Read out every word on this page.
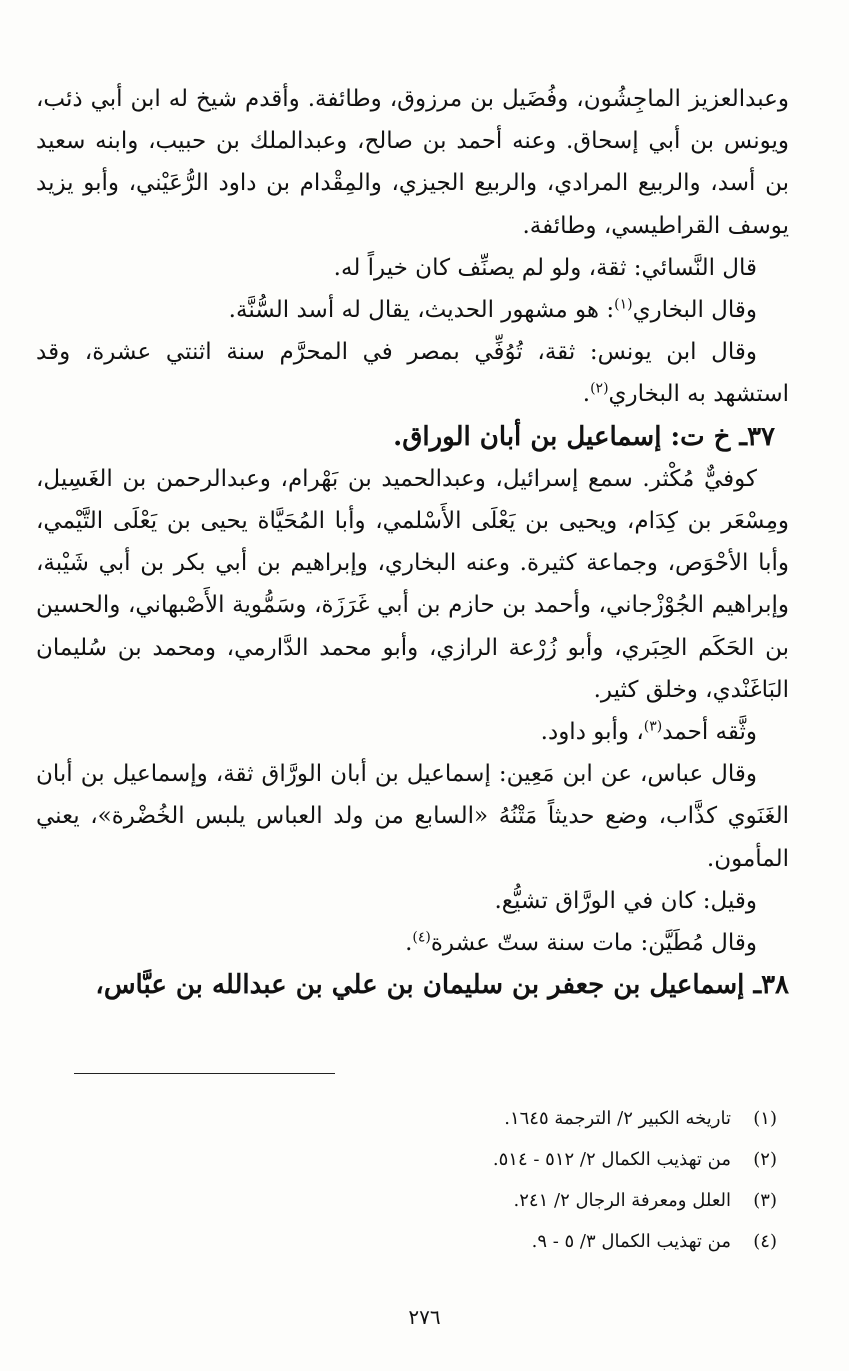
وعبدالعزيز الماجِشُون، وفُضَيل بن مرزوق، وطائفة. وأقدم شيخ له ابن أبي ذئب، ويونس بن أبي إسحاق. وعنه أحمد بن صالح، وعبدالملك بن حبيب، وابنه سعيد بن أسد، والربيع المرادي، والربيع الجيزي، والمِقْدام بن داود الرُّعَيْني، وأبو يزيد يوسف القراطيسي، وطائفة.

قال النَّسائي: ثقة، ولو لم يصنِّف كان خيراً له.

وقال البخاري$^{(١)}$: هو مشهور الحديث، يقال له أسد السُّنَّة.

وقال ابن يونس: ثقة، تُوُفِّي بمصر في المحرَّم سنة اثنتي عشرة، وقد استشهد به البخاري$^{(٢)}$.

٣٧ـ خ ت: إسماعيل بن أبان الوراق.

كوفيٌّ مُكْثر. سمع إسرائيل، وعبدالحميد بن بَهْرام، وعبدالرحمن بن الغَسِيل، ومِسْعَر بن كِدَام، ويحيى بن يَعْلَى الأَسْلمي، وأبا المُحَيَّاة يحيى بن يَعْلَى التَّيْمي، وأبا الأحْوَص، وجماعة كثيرة. وعنه البخاري، وإبراهيم بن أبي بكر بن أبي شَيْبة، وإبراهيم الجُوْزْجاني، وأحمد بن حازم بن أبي غَرَزَة، وسَمُّوية الأَصْبهاني، والحسين بن الحَكَم الحِبَري، وأبو زُرْعة الرازي، وأبو محمد الدَّارمي، ومحمد بن سُليمان البَاغَنْدي، وخلق كثير.

وثَّقه أحمد$^{(٣)}$، وأبو داود.

وقال عباس، عن ابن مَعِين: إسماعيل بن أبان الورَّاق ثقة، وإسماعيل بن أبان الغَنَوي كذَّاب، وضع حديثاً مَتْنُهُ «السابع من ولد العباس يلبس الخُضْرة»، يعني المأمون.

وقيل: كان في الورَّاق تشيُّع.

وقال مُطَيَّن: مات سنة ستّ عشرة$^{(٤)}$.

٣٨ـ إسماعيل بن جعفر بن سليمان بن علي بن عبدالله بن عبَّاس،

(١)
تاريخه الكبير ٢/ الترجمة ١٦٤٥.

(٢)
من تهذيب الكمال ٢/ ٥١٢ - ٥١٤.

(٣)
العلل ومعرفة الرجال ٢/ ٢٤١.

(٤)
من تهذيب الكمال ٣/ ٥ - ٩.

٢٧٦
